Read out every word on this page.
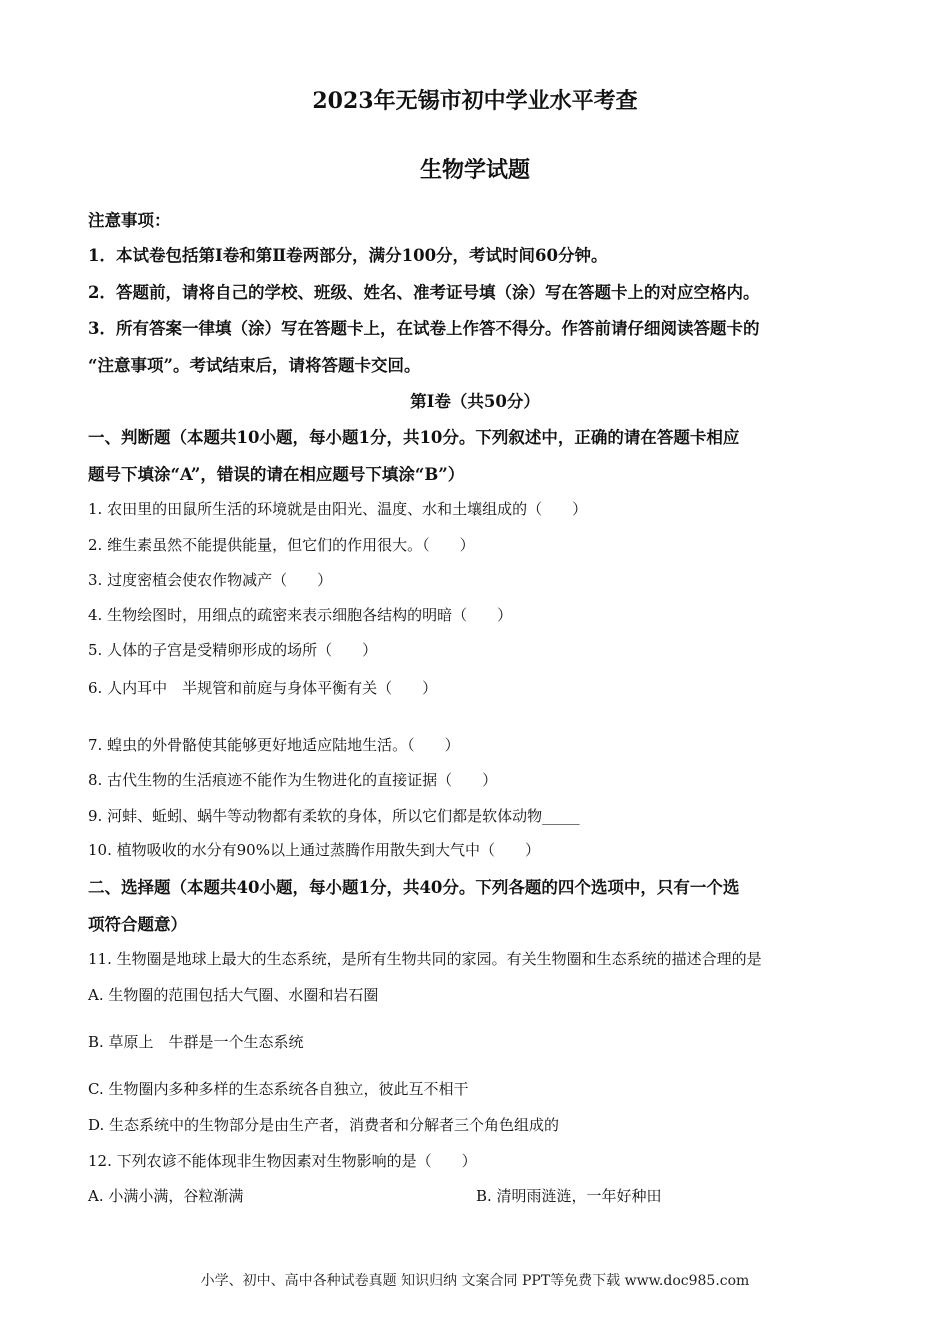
2023年无锡市初中学业水平考查
生物学试题
注意事项：
1．本试卷包括第Ⅰ卷和第Ⅱ卷两部分，满分100分，考试时间60分钟。
2．答题前，请将自己的学校、班级、姓名、准考证号填（涂）写在答题卡上的对应空格内。
3．所有答案一律填（涂）写在答题卡上，在试卷上作答不得分。作答前请仔细阅读答题卡的
“注意事项”。考试结束后，请将答题卡交回。
第Ⅰ卷（共50分）
一、判断题（本题共10小题，每小题1分，共10分。下列叙述中，正确的请在答题卡相应
题号下填涂“A”，错误的请在相应题号下填涂“B”）
1. 农田里的田鼠所生活的环境就是由阳光、温度、水和土壤组成的（　　）
2. 维生素虽然不能提供能量，但它们的作用很大。（　　）
3. 过度密植会使农作物减产（　　）
4. 生物绘图时，用细点的疏密来表示细胞各结构的明暗（　　）
5. 人体的子宫是受精卵形成的场所（　　）
6. 人内耳中　半规管和前庭与身体平衡有关（　　）
7. 蝗虫的外骨骼使其能够更好地适应陆地生活。（　　）
8. 古代生物的生活痕迹不能作为生物进化的直接证据（　　）
9. 河蚌、蚯蚓、蜗牛等动物都有柔软的身体，所以它们都是软体动物_____
10. 植物吸收的水分有90%以上通过蒸腾作用散失到大气中（　　）
二、选择题（本题共40小题，每小题1分，共40分。下列各题的四个选项中，只有一个选
项符合题意）
11. 生物圈是地球上最大的生态系统，是所有生物共同的家园。有关生物圈和生态系统的描述合理的是
A. 生物圈的范围包括大气圈、水圈和岩石圈
B. 草原上　牛群是一个生态系统
C. 生物圈内多种多样的生态系统各自独立，彼此互不相干
D. 生态系统中的生物部分是由生产者，消费者和分解者三个角色组成的
12. 下列农谚不能体现非生物因素对生物影响的是（　　）
A. 小满小满，谷粒渐满	B. 清明雨涟涟，一年好种田
小学、初中、高中各种试卷真题 知识归纳 文案合同 PPT等免费下载 www.doc985.com
